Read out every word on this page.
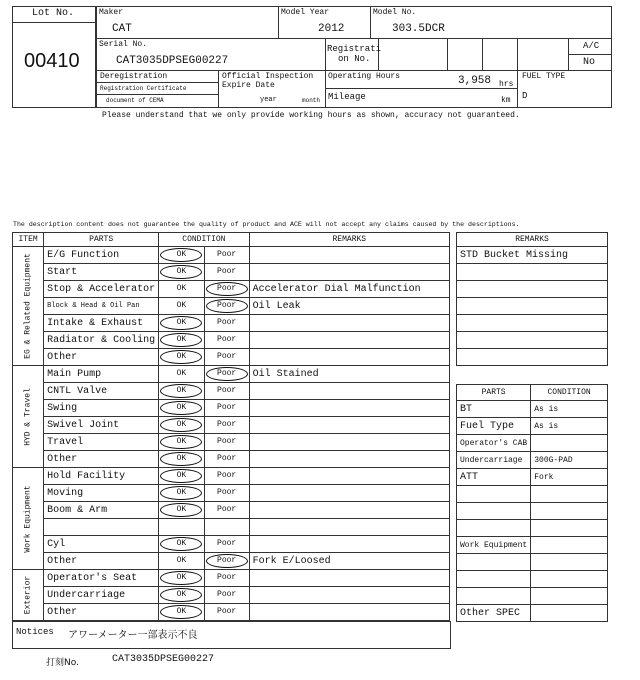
Lot No.
00410
Maker
CAT
Model Year
2012
Model No.
303.5DCR
Serial No.
CAT3035DPSEG00227
Registrati
on No.
A/C
No
Deregistration
Registration Certificate
document of CEMA
Official Inspection
Expire Date
year	month
Operating Hours	3,958 hrs
Mileage	km
FUEL TYPE
D
Please understand that we only provide working hours as shown, accuracy not guaranteed.
The description content does not guarantee the quality of product and ACE will not accept any claims caused by the descriptions.
ITEM	PARTS	CONDITION		REMARKS

EG & Related Equipment	E/G Function	OK	Poor	
	Start	OK	Poor	
	Stop & Accelerator	OK	Poor	Accelerator Dial Malfunction
	Block & Head & Oil Pan	OK	Poor	Oil Leak
	Intake & Exhaust	OK	Poor	
	Radiator & Cooling	OK	Poor	
	Other	OK	Poor	

HYD & Travel	Main Pump	OK	Poor	Oil Stained
	CNTL Valve	OK	Poor	
	Swing	OK	Poor	
	Swivel Joint	OK	Poor	
	Travel	OK	Poor	
	Other	OK	Poor	

Work Equipment	Hold Facility	OK	Poor	
	Moving	OK	Poor	
	Boom & Arm	OK	Poor	

	Cyl	OK	Poor	
	Other	OK	Poor	Fork E/Loosed

Exterior	Operator's Seat	OK	Poor	
	Undercarriage	OK	Poor	
	Other	OK	Poor	
REMARKS
STD Bucket Missing

PARTS	CONDITION
BT	As is
Fuel Type	As is
Operator's CAB	
Undercarriage	300G-PAD
ATT	Fork

Work Equipment	

Other SPEC	
Notices アワーメーター一部表示不良
打刻No.	CAT3035DPSEG00227
